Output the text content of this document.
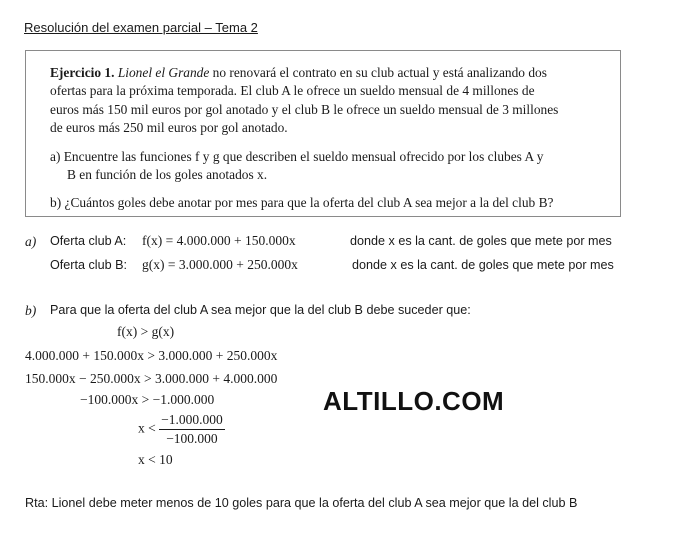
Resolución del examen parcial – Tema 2
Ejercicio 1. Lionel el Grande no renovará el contrato en su club actual y está analizando dos
ofertas para la próxima temporada. El club A le ofrece un sueldo mensual de 4 millones de
euros más 150 mil euros por gol anotado y el club B le ofrece un sueldo mensual de 3 millones
de euros más 250 mil euros por gol anotado.
a) Encuentre las funciones f y g que describen el sueldo mensual ofrecido por los clubes A y
B en función de los goles anotados x.
b) ¿Cuántos goles debe anotar por mes para que la oferta del club A sea mejor a la del club B?
a) Oferta club A: f(x) = 4.000.000 + 150.000x	donde x es la cant. de goles que mete por mes
Oferta club B: g(x) = 3.000.000 + 250.000x	donde x es la cant. de goles que mete por mes
b) Para que la oferta del club A sea mejor que la del club B debe suceder que:
f(x) > g(x)
4.000.000 + 150.000x > 3.000.000 + 250.000x
150.000x − 250.000x > 3.000.000 + 4.000.000
−100.000x > −1.000.000
$x < \frac{-1.000.000}{-100.000}$
x < 10
ALTILLO.COM
Rta: Lionel debe meter menos de 10 goles para que la oferta del club A sea mejor que la del club B
